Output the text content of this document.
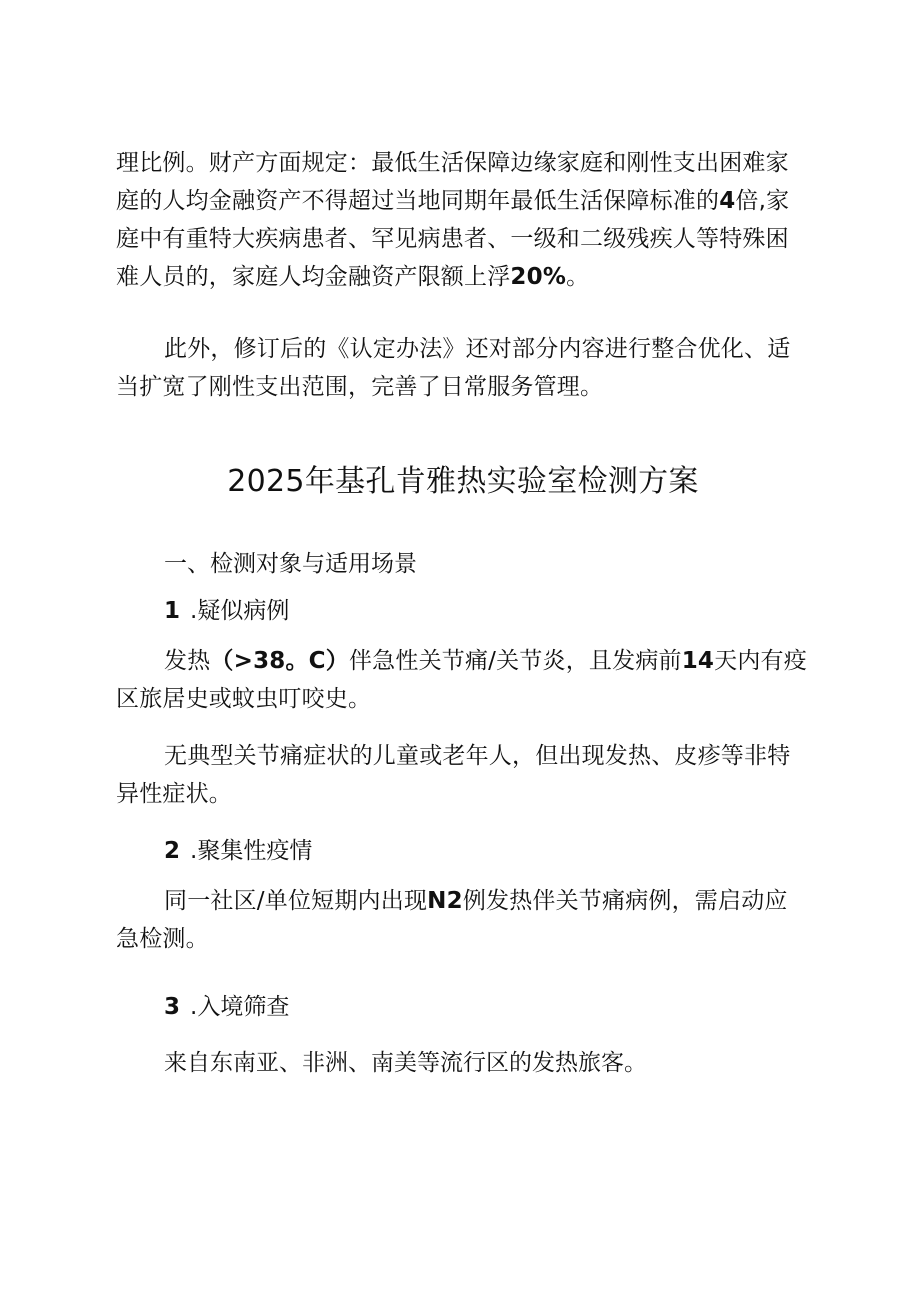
理比例。财产方面规定：最低生活保障边缘家庭和刚性支出困难家庭的人均金融资产不得超过当地同期年最低生活保障标准的4倍,家庭中有重特大疾病患者、罕见病患者、一级和二级残疾人等特殊困难人员的，家庭人均金融资产限额上浮20%。

此外，修订后的《认定办法》还对部分内容进行整合优化、适当扩宽了刚性支出范围，完善了日常服务管理。

2025年基孔肯雅热实验室检测方案

一、检测对象与适用场景

1 .疑似病例

发热（>38。C）伴急性关节痛/关节炎，且发病前14天内有疫区旅居史或蚊虫叮咬史。

无典型关节痛症状的儿童或老年人，但出现发热、皮疹等非特异性症状。

2 .聚集性疫情

同一社区/单位短期内出现N2例发热伴关节痛病例，需启动应急检测。

3 .入境筛查

来自东南亚、非洲、南美等流行区的发热旅客。
